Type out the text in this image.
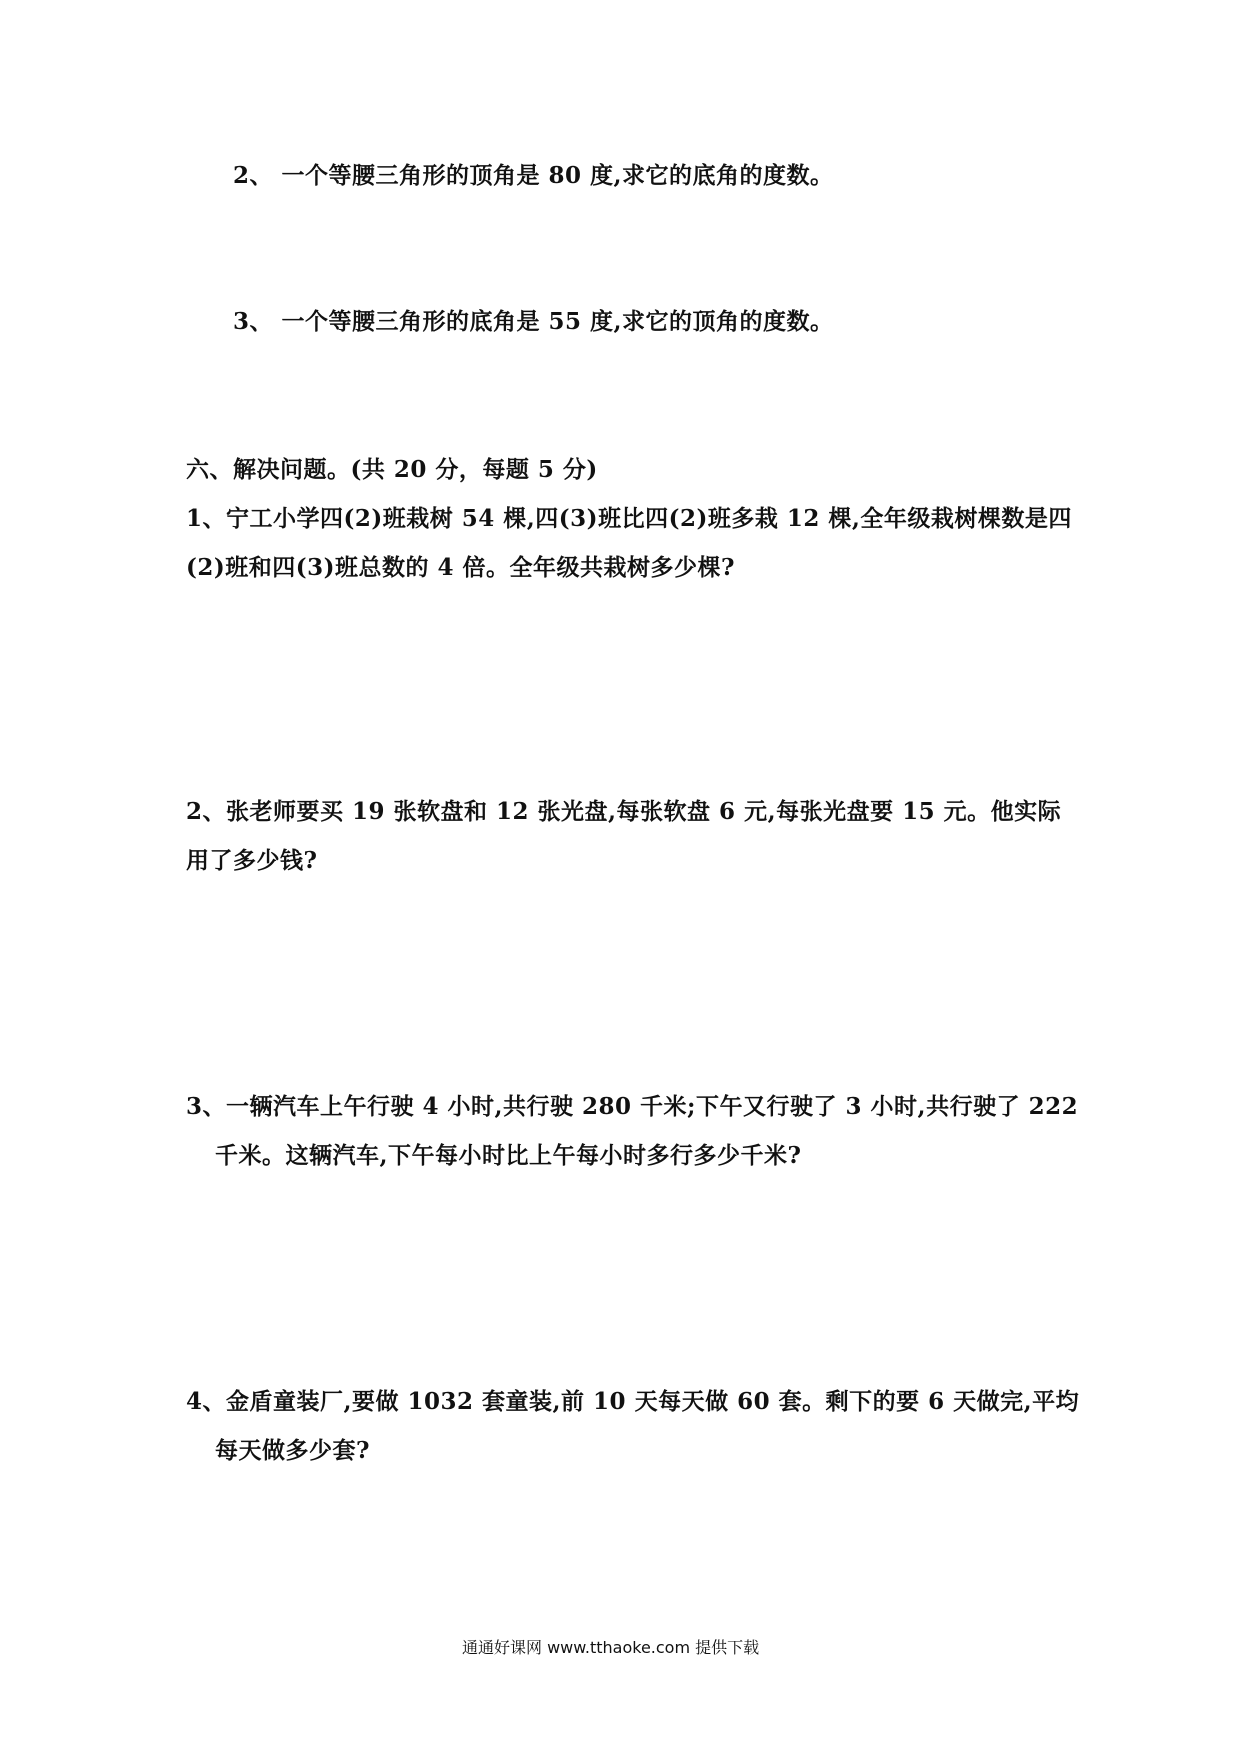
2、 一个等腰三角形的顶角是 80 度,求它的底角的度数。

3、 一个等腰三角形的底角是 55 度,求它的顶角的度数。

六、解决问题。(共 20 分，每题 5 分)

1、宁工小学四(2)班栽树 54 棵,四(3)班比四(2)班多栽 12 棵,全年级栽树棵数是四

(2)班和四(3)班总数的 4 倍。全年级共栽树多少棵?

2、张老师要买 19 张软盘和 12 张光盘,每张软盘 6 元,每张光盘要 15 元。他实际

用了多少钱?

3、一辆汽车上午行驶 4 小时,共行驶 280 千米;下午又行驶了 3 小时,共行驶了 222

千米。这辆汽车,下午每小时比上午每小时多行多少千米?

4、金盾童装厂,要做 1032 套童装,前 10 天每天做 60 套。剩下的要 6 天做完,平均

每天做多少套?

通通好课网 www.tthaoke.com 提供下载
